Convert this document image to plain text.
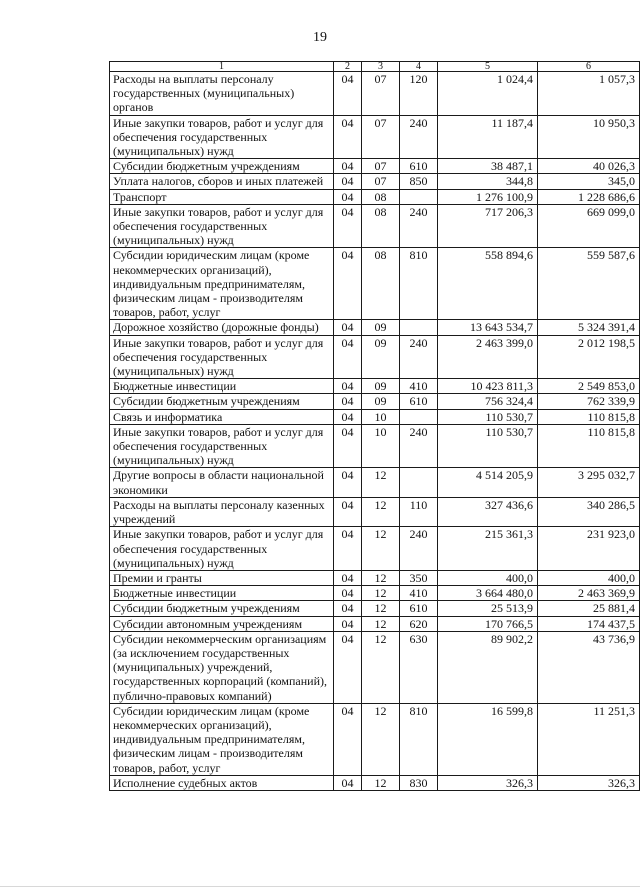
19
1	2	3	4	5	6
Расходы на выплаты персоналу государственных (муниципальных) органов	04	07	120	1 024,4	1 057,3
Иные закупки товаров, работ и услуг для обеспечения государственных (муниципальных) нужд	04	07	240	11 187,4	10 950,3
Субсидии бюджетным учреждениям	04	07	610	38 487,1	40 026,3
Уплата налогов, сборов и иных платежей	04	07	850	344,8	345,0
Транспорт	04	08		1 276 100,9	1 228 686,6
Иные закупки товаров, работ и услуг для обеспечения государственных (муниципальных) нужд	04	08	240	717 206,3	669 099,0
Субсидии юридическим лицам (кроме некоммерческих организаций), индивидуальным предпринимателям, физическим лицам - производителям товаров, работ, услуг	04	08	810	558 894,6	559 587,6
Дорожное хозяйство (дорожные фонды)	04	09		13 643 534,7	5 324 391,4
Иные закупки товаров, работ и услуг для обеспечения государственных (муниципальных) нужд	04	09	240	2 463 399,0	2 012 198,5
Бюджетные инвестиции	04	09	410	10 423 811,3	2 549 853,0
Субсидии бюджетным учреждениям	04	09	610	756 324,4	762 339,9
Связь и информатика	04	10		110 530,7	110 815,8
Иные закупки товаров, работ и услуг для обеспечения государственных (муниципальных) нужд	04	10	240	110 530,7	110 815,8
Другие вопросы в области национальной экономики	04	12		4 514 205,9	3 295 032,7
Расходы на выплаты персоналу казенных учреждений	04	12	110	327 436,6	340 286,5
Иные закупки товаров, работ и услуг для обеспечения государственных (муниципальных) нужд	04	12	240	215 361,3	231 923,0
Премии и гранты	04	12	350	400,0	400,0
Бюджетные инвестиции	04	12	410	3 664 480,0	2 463 369,9
Субсидии бюджетным учреждениям	04	12	610	25 513,9	25 881,4
Субсидии автономным учреждениям	04	12	620	170 766,5	174 437,5
Субсидии некоммерческим организациям (за исключением государственных (муниципальных) учреждений, государственных корпораций (компаний), публично-правовых компаний)	04	12	630	89 902,2	43 736,9
Субсидии юридическим лицам (кроме некоммерческих организаций), индивидуальным предпринимателям, физическим лицам - производителям товаров, работ, услуг	04	12	810	16 599,8	11 251,3
Исполнение судебных актов	04	12	830	326,3	326,3
